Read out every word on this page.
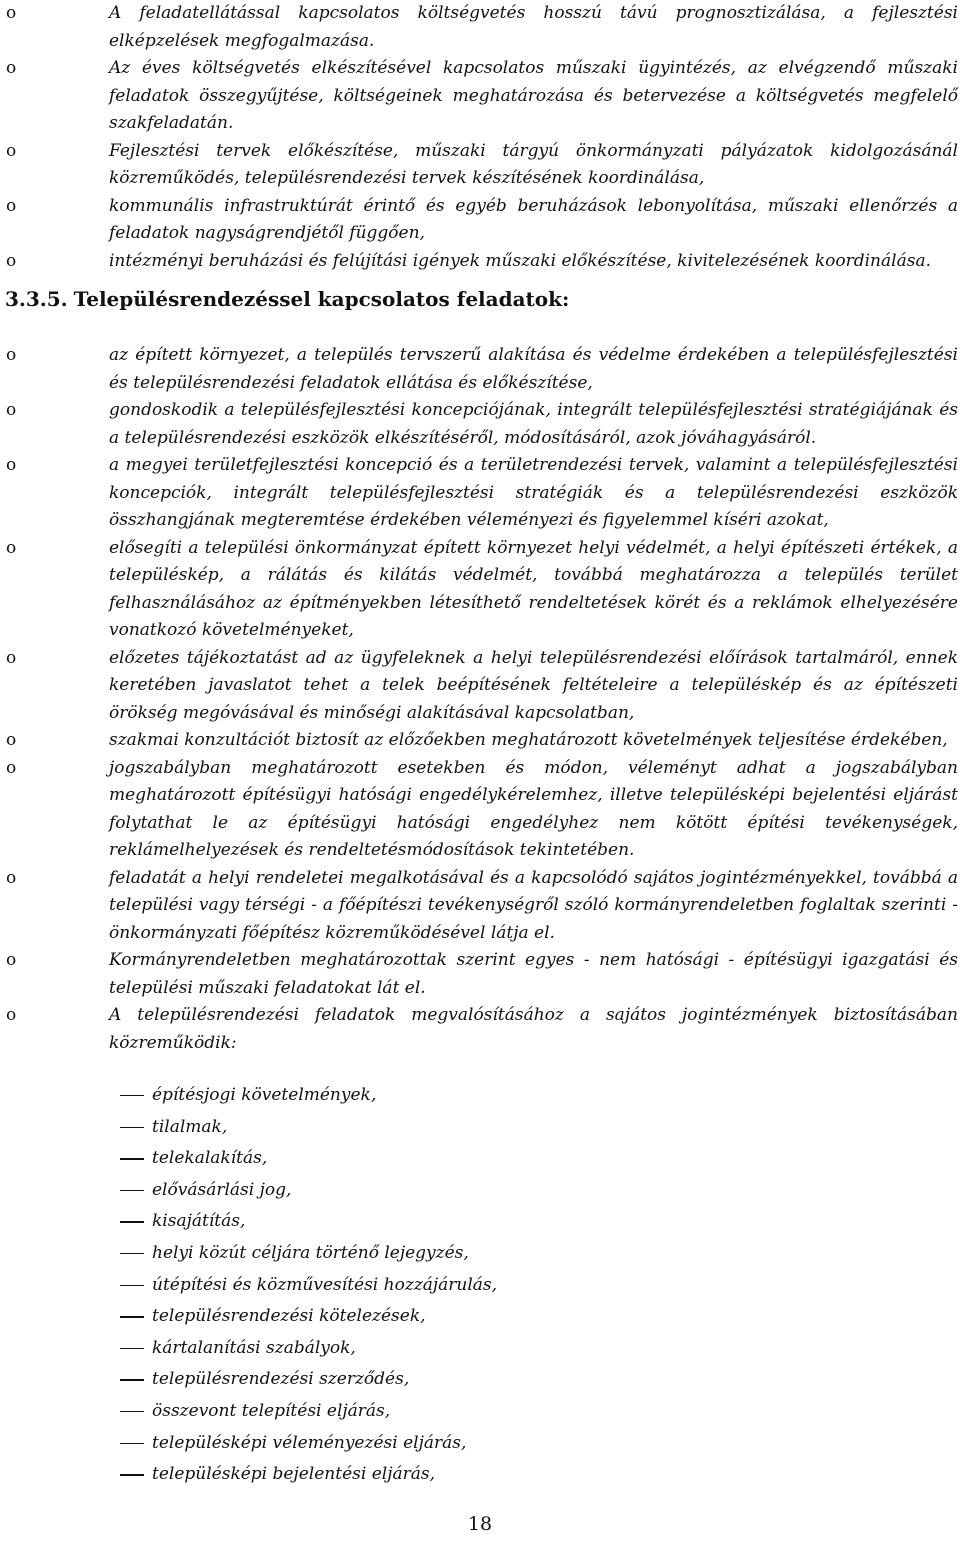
o	A feladatellátással kapcsolatos költségvetés hosszú távú prognosztizálása, a fejlesztési elképzelések megfogalmazása.

o	Az éves költségvetés elkészítésével kapcsolatos műszaki ügyintézés, az elvégzendő műszaki feladatok összegyűjtése, költségeinek meghatározása és betervezése a költségvetés megfelelő szakfeladatán.

o	Fejlesztési tervek előkészítése, műszaki tárgyú önkormányzati pályázatok kidolgozásánál közreműködés, településrendezési tervek készítésének koordinálása,

o	kommunális infrastruktúrát érintő és egyéb beruházások lebonyolítása, műszaki ellenőrzés a feladatok nagyságrendjétől függően,

o	intézményi beruházási és felújítási igények műszaki előkészítése, kivitelezésének koordinálása.

3.3.5. Településrendezéssel kapcsolatos feladatok:

o	az épített környezet, a település tervszerű alakítása és védelme érdekében a településfejlesztési és településrendezési feladatok ellátása és előkészítése,

o	gondoskodik a településfejlesztési koncepciójának, integrált településfejlesztési stratégiájának és a településrendezési eszközök elkészítéséről, módosításáról, azok jóváhagyásáról.

o	a megyei területfejlesztési koncepció és a területrendezési tervek, valamint a településfejlesztési koncepciók, integrált településfejlesztési stratégiák és a településrendezési eszközök összhangjának megteremtése érdekében véleményezi és figyelemmel kíséri azokat,

o	elősegíti a települési önkormányzat épített környezet helyi védelmét, a helyi építészeti értékek, a településkép, a rálátás és kilátás védelmét, továbbá meghatározza a település terület felhasználásához az építményekben létesíthető rendeltetések körét és a reklámok elhelyezésére vonatkozó követelményeket,

o	előzetes tájékoztatást ad az ügyfeleknek a helyi településrendezési előírások tartalmáról, ennek keretében javaslatot tehet a telek beépítésének feltételeire a településkép és az építészeti örökség megóvásával és minőségi alakításával kapcsolatban,

o	szakmai konzultációt biztosít az előzőekben meghatározott követelmények teljesítése érdekében,

o	jogszabályban meghatározott esetekben és módon, véleményt adhat a jogszabályban meghatározott építésügyi hatósági engedélykérelemhez, illetve településképi bejelentési eljárást folytathat le az építésügyi hatósági engedélyhez nem kötött építési tevékenységek, reklámelhelyezések és rendeltetésmódosítások tekintetében.

o	feladatát a helyi rendeletei megalkotásával és a kapcsolódó sajátos jogintézményekkel, továbbá a települési vagy térségi - a főépítészi tevékenységről szóló kormányrendeletben foglaltak szerinti - önkormányzati főépítész közreműködésével látja el.

o	Kormányrendeletben meghatározottak szerint egyes - nem hatósági - építésügyi igazgatási és települési műszaki feladatokat lát el.

o	A településrendezési feladatok megvalósításához a sajátos jogintézmények biztosításában közreműködik:

építésjogi követelmények,

tilalmak,

telekalakítás,

elővásárlási jog,

kisajátítás,

helyi közút céljára történő lejegyzés,

útépítési és közművesítési hozzájárulás,

településrendezési kötelezések,

kártalanítási szabályok,

településrendezési szerződés,

összevont telepítési eljárás,

településképi véleményezési eljárás,

településképi bejelentési eljárás,

18
